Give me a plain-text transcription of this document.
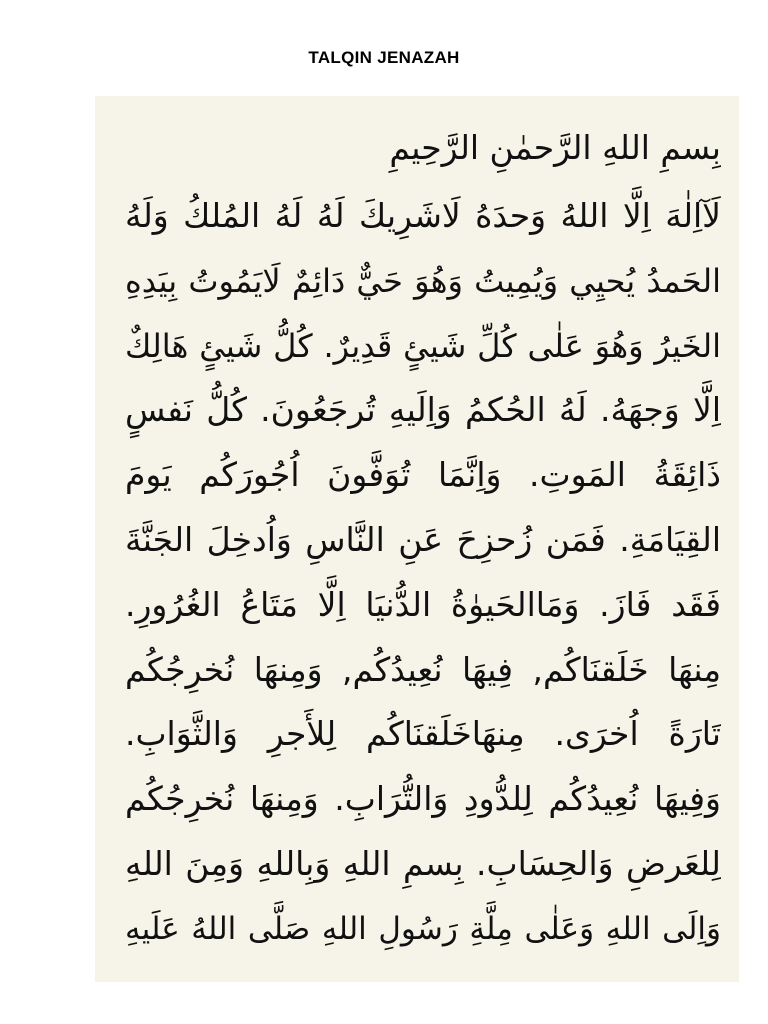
TALQIN JENAZAH
بِسمِ اللهِ الرَّحمٰنِ الرَّحِيمِ
لَآاِلٰهَ اِلَّا اللهُ وَحدَهُ لَاشَرِيكَ لَهُ لَهُ المُلكُ وَلَهُ
الحَمدُ يُحيِي وَيُمِيتُ وَهُوَ حَيٌّ دَائِمٌ لَايَمُوتُ بِيَدِهِ
الخَيرُ وَهُوَ عَلٰى كُلِّ شَيئٍ قَدِيرٌ. كُلُّ شَيئٍ هَالِكٌ
اِلَّا وَجهَهُ. لَهُ الحُكمُ وَاِلَيهِ تُرجَعُونَ. كُلُّ نَفسٍ
ذَائِقَةُ المَوتِ. وَاِنَّمَا تُوَفَّونَ اُجُورَكُم يَومَ
القِيَامَةِ. فَمَن زُحزِحَ عَنِ النَّاسِ وَاُدخِلَ الجَنَّةَ
فَقَد فَازَ. وَمَاالحَيوٰةُ الدُّنيَا اِلَّا مَتَاعُ الغُرُورِ.
مِنهَا خَلَقنَاكُم, فِيهَا نُعِيدُكُم, وَمِنهَا نُخرِجُكُم
تَارَةً اُخرَى. مِنهَاخَلَقنَاكُم لِلأَجرِ وَالثَّوَابِ.
وَفِيهَا نُعِيدُكُم لِلدُّودِ وَالتُّرَابِ. وَمِنهَا نُخرِجُكُم
لِلعَرضِ وَالحِسَابِ. بِسمِ اللهِ وَبِاللهِ وَمِنَ اللهِ
وَاِلَى اللهِ وَعَلٰى مِلَّةِ رَسُولِ اللهِ صَلَّى اللهُ عَلَيهِ
